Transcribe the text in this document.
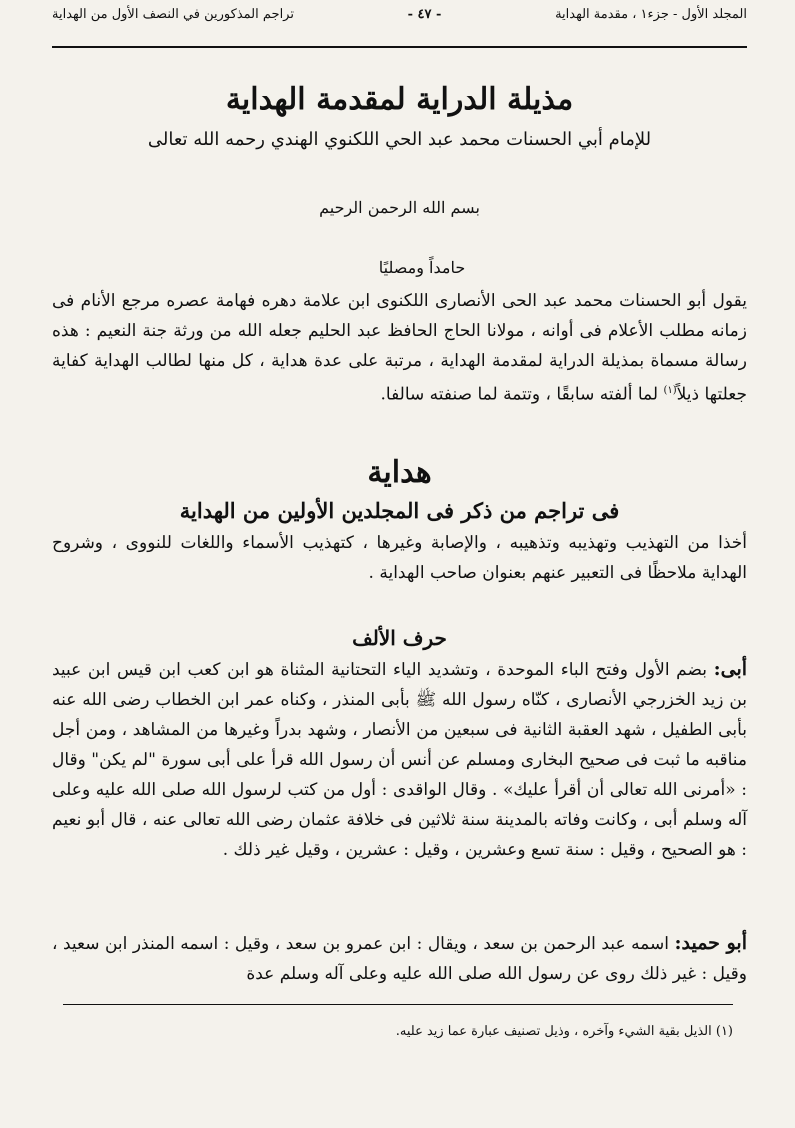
المجلد الأول - جزء١ ، مقدمة الهداية
- ٤٧ -
تراجم المذكورين في النصف الأول من الهداية
مذيلة الدراية لمقدمة الهداية

للإمام أبي الحسنات محمد عبد الحي اللكنوي الهندي رحمه الله تعالى

بسم الله الرحمن الرحيم
حامداً ومصليًا

يقول أبو الحسنات محمد عبد الحى الأنصارى اللكنوى ابن علامة دهره فهامة عصره مرجع الأنام فى زمانه مطلب الأعلام فى أوانه ، مولانا الحاج الحافظ عبد الحليم جعله الله من ورثة جنة النعيم : هذه رسالة مسماة بمذيلة الدراية لمقدمة الهداية ، مرتبة على عدة هداية ، كل منها لطالب الهداية كفاية جعلتها ذيلاً$^{(١)}$ لما ألفته سابقًا ، وتتمة لما صنفته سالفا.

هداية
فى تراجم من ذكر فى المجلدين الأولين من الهداية

أخذا من التهذيب وتهذيبه وتذهيبه ، والإصابة وغيرها ، كتهذيب الأسماء واللغات للنووى ، وشروح الهداية ملاحظًا فى التعبير عنهم بعنوان صاحب الهداية .

حرف الألف

أبى: بضم الأول وفتح الباء الموحدة ، وتشديد الياء التحتانية المثناة هو ابن كعب ابن قيس ابن عبيد بن زيد الخزرجي الأنصارى ، كنّاه رسول الله ﷺ بأبى المنذر ، وكناه عمر ابن الخطاب رضى الله عنه بأبى الطفيل ، شهد العقبة الثانية فى سبعين من الأنصار ، وشهد بدراً وغيرها من المشاهد ، ومن أجل مناقبه ما ثبت فى صحيح البخارى ومسلم عن أنس أن رسول الله قرأ على أبى سورة "لم يكن" وقال : «أمرنى الله تعالى أن أقرأ عليك» . وقال الواقدى : أول من كتب لرسول الله صلى الله عليه وعلى آله وسلم أبى ، وكانت وفاته بالمدينة سنة ثلاثين فى خلافة عثمان رضى الله تعالى عنه ، قال أبو نعيم : هو الصحيح ، وقيل : سنة تسع وعشرين ، وقيل : عشرين ، وقيل غير ذلك .

أبو حميد: اسمه عبد الرحمن بن سعد ، ويقال : ابن عمرو بن سعد ، وقيل : اسمه المنذر ابن سعيد ، وقيل : غير ذلك روى عن رسول الله صلى الله عليه وعلى آله وسلم عدة

(١) الذيل بقية الشيء وآخره ، وذيل تصنيف عبارة عما زيد عليه.
